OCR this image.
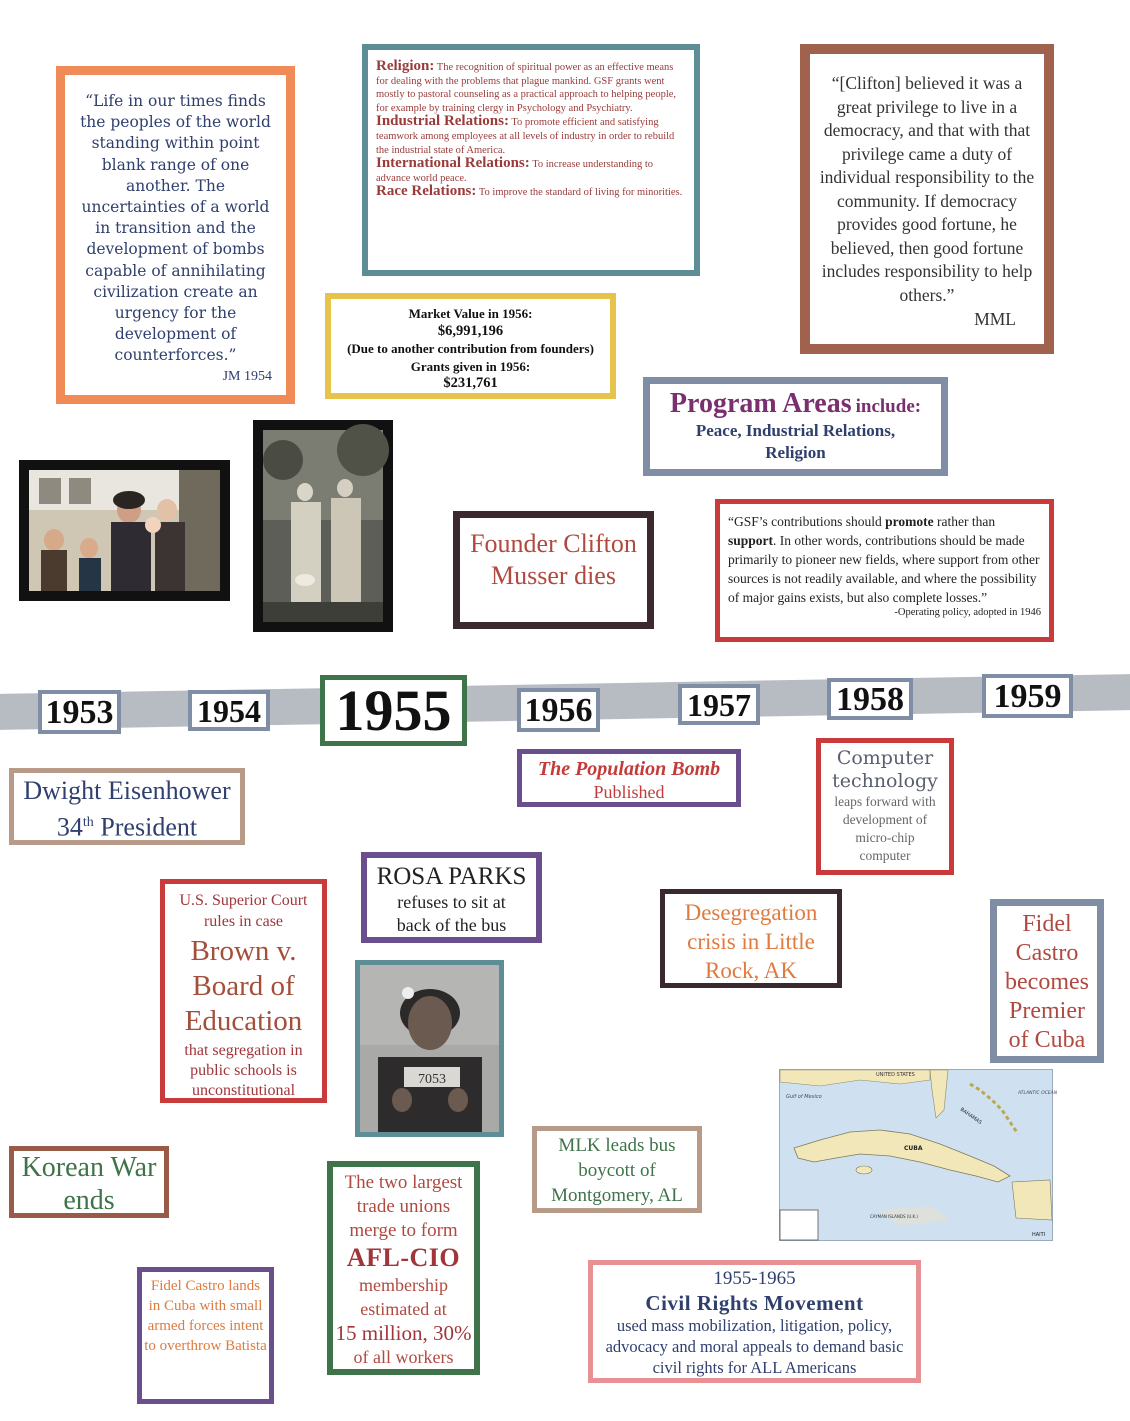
“Life in our times finds the peoples of the world standing within point blank range of one another. The uncertainties of a world in transition and the development of bombs capable of annihilating civilization create an urgency for the development of counterforces.”
JM 1954
Religion: The recognition of spiritual power as an effective means for dealing with the problems that plague mankind. GSF grants went mostly to pastoral counseling as a practical approach to helping people, for example by training clergy in Psychology and Psychiatry.
Industrial Relations: To promote efficient and satisfying teamwork among employees at all levels of industry in order to rebuild the industrial state of America.
International Relations: To increase understanding to advance world peace.
Race Relations: To improve the standard of living for minorities.
“[Clifton] believed it was a great privilege to live in a democracy, and that with that privilege came a duty of individual responsibility to the community. If democracy provides good fortune, he believed, then good fortune includes responsibility to help others.”
MML
Market Value in 1956:
$6,991,196
(Due to another contribution from founders)
Grants given in 1956:
$231,761
Program Areas include:
Peace, Industrial Relations, Religion
Founder Clifton Musser dies
“GSF’s contributions should promote rather than support. In other words, contributions should be made primarily to pioneer new fields, where support from other sources is not readily available, and where the possibility of major gains exists, but also complete losses.”
-Operating policy, adopted in 1946
1953	1954 1955	1956	1957	1958	1959
Dwight Eisenhower
34th President
The Population Bomb
Published
Computer
technology
leaps forward with development of micro-chip computer
U.S. Superior Court rules in case
Brown v. Board of Education
that segregation in public schools is unconstitutional
ROSA PARKS
refuses to sit at back of the bus
7053
Desegregation crisis in Little Rock, AK
Fidel Castro becomes Premier of Cuba
Korean War ends
The two largest trade unions merge to form
AFL-CIO
membership estimated at
15 million, 30%
of all workers
MLK leads bus boycott of Montgomery, AL
Fidel Castro lands in Cuba with small armed forces intent to overthrow Batista
1955-1965
Civil Rights Movement
used mass mobilization, litigation, policy, advocacy and moral appeals to demand basic civil rights for ALL Americans
UNITED STATES
Gulf of Mexico
ATLANTIC OCEAN
CUBA
BAHAMAS
CAYMAN ISLANDS (U.K.)
HAITI
